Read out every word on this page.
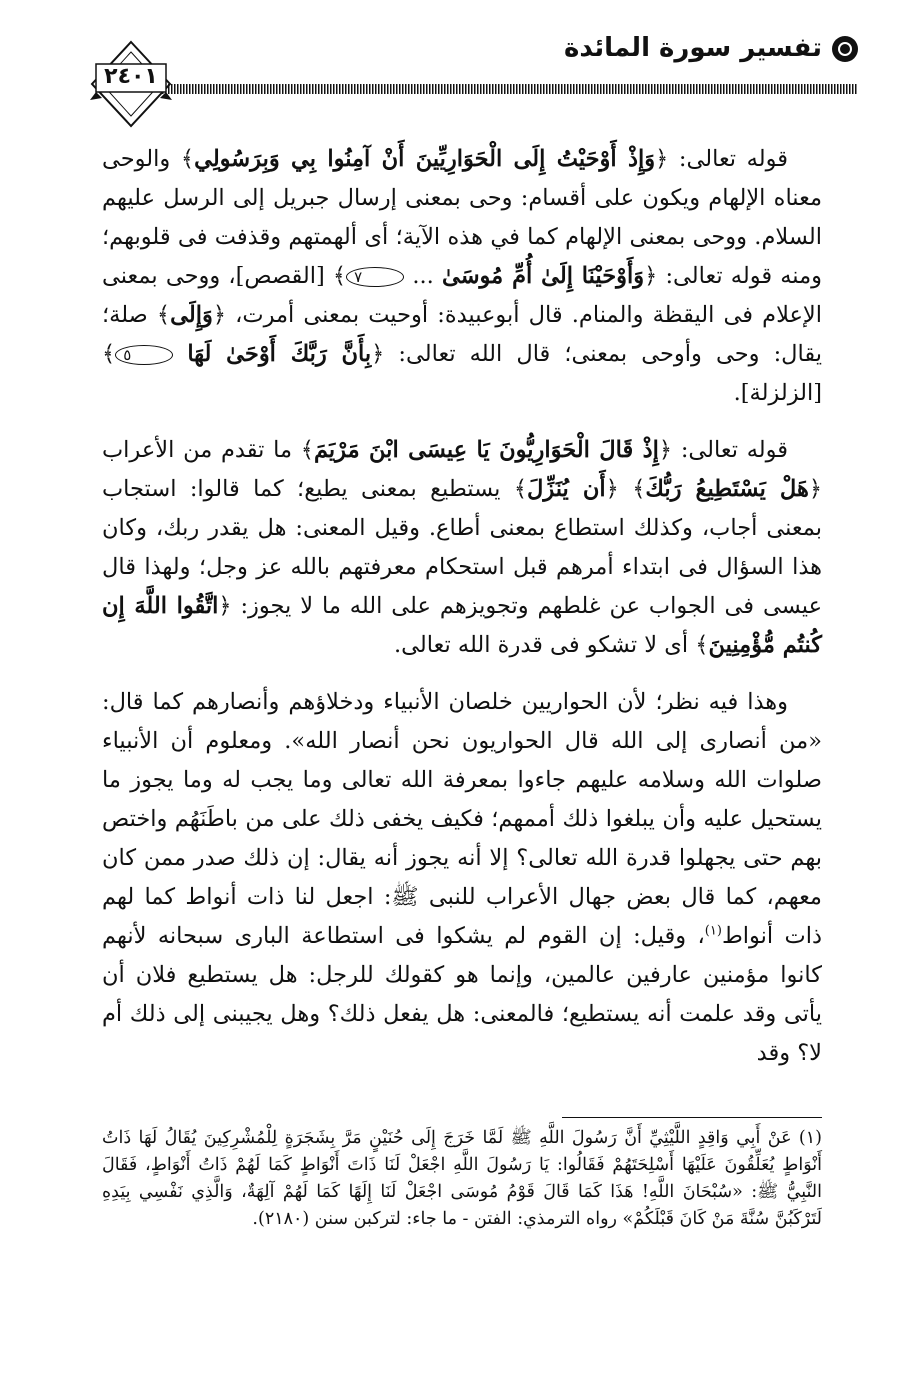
تفسير سورة المائدة
٢٤٠١

قوله تعالى: ﴿وَإِذْ أَوْحَيْتُ إِلَى الْحَوَارِيِّينَ أَنْ آمِنُوا بِي وَبِرَسُولِي﴾ والوحى معناه الإلهام ويكون على أقسام: وحى بمعنى إرسال جبريل إلى الرسل عليهم السلام. ووحى بمعنى الإلهام كما في هذه الآية؛ أى ألهمتهم وقذفت فى قلوبهم؛ ومنه قوله تعالى: ﴿وَأَوْحَيْنَا إِلَىٰ أُمِّ مُوسَىٰ ... ٧﴾ [القصص]، ووحى بمعنى الإعلام فى اليقظة والمنام. قال أبوعبيدة: أوحيت بمعنى أمرت، ﴿وَإِلَى﴾ صلة؛ يقال: وحى وأوحى بمعنى؛ قال الله تعالى: ﴿بِأَنَّ رَبَّكَ أَوْحَىٰ لَهَا ٥﴾ [الزلزلة].

قوله تعالى: ﴿إِذْ قَالَ الْحَوَارِيُّونَ يَا عِيسَى ابْنَ مَرْيَمَ﴾ ما تقدم من الأعراب ﴿هَلْ يَسْتَطِيعُ رَبُّكَ﴾ ﴿أَن يُنَزِّلَ﴾ يستطيع بمعنى يطيع؛ كما قالوا: استجاب بمعنى أجاب، وكذلك استطاع بمعنى أطاع. وقيل المعنى: هل يقدر ربك، وكان هذا السؤال فى ابتداء أمرهم قبل استحكام معرفتهم بالله عز وجل؛ ولهذا قال عيسى فى الجواب عن غلطهم وتجويزهم على الله ما لا يجوز: ﴿اتَّقُوا اللَّهَ إِن كُنتُم مُّؤْمِنِينَ﴾ أى لا تشكو فى قدرة الله تعالى.

وهذا فيه نظر؛ لأن الحواريين خلصان الأنبياء ودخلاؤهم وأنصارهم كما قال: «من أنصارى إلى الله قال الحواريون نحن أنصار الله». ومعلوم أن الأنبياء صلوات الله وسلامه عليهم جاءوا بمعرفة الله تعالى وما يجب له وما يجوز ما يستحيل عليه وأن يبلغوا ذلك أممهم؛ فكيف يخفى ذلك على من باطَنَهُم واختص بهم حتى يجهلوا قدرة الله تعالى؟ إلا أنه يجوز أنه يقال: إن ذلك صدر ممن كان معهم، كما قال بعض جهال الأعراب للنبى ﷺ: اجعل لنا ذات أنواط كما لهم ذات أنواط$^{(١)}$، وقيل: إن القوم لم يشكوا فى استطاعة البارى سبحانه لأنهم كانوا مؤمنين عارفين عالمين، وإنما هو كقولك للرجل: هل يستطيع فلان أن يأتى وقد علمت أنه يستطيع؛ فالمعنى: هل يفعل ذلك؟ وهل يجيبنى إلى ذلك أم لا؟ وقد

(١) عَنْ أَبِي وَاقِدٍ اللَّيْثِيِّ أَنَّ رَسُولَ اللَّهِ ﷺ لَمَّا خَرَجَ إِلَى حُنَيْنٍ مَرَّ بِشَجَرَةٍ لِلْمُشْرِكِينَ يُقَالُ لَهَا ذَاتُ أَنْوَاطٍ يُعَلِّقُونَ عَلَيْهَا أَسْلِحَتَهُمْ فَقَالُوا: يَا رَسُولَ اللَّهِ اجْعَلْ لَنَا ذَاتَ أَنْوَاطٍ كَمَا لَهُمْ ذَاتُ أَنْوَاطٍ، فَقَالَ النَّبِيُّ ﷺ: «سُبْحَانَ اللَّهِ! هَذَا كَمَا قَالَ قَوْمُ مُوسَى اجْعَلْ لَنَا إِلَهًا كَمَا لَهُمْ آلِهَةٌ، وَالَّذِي نَفْسِي بِيَدِهِ لَتَرْكَبُنَّ سُنَّةَ مَنْ كَانَ قَبْلَكُمْ» رواه الترمذي: الفتن - ما جاء: لترکبن سنن (٢١٨٠).
